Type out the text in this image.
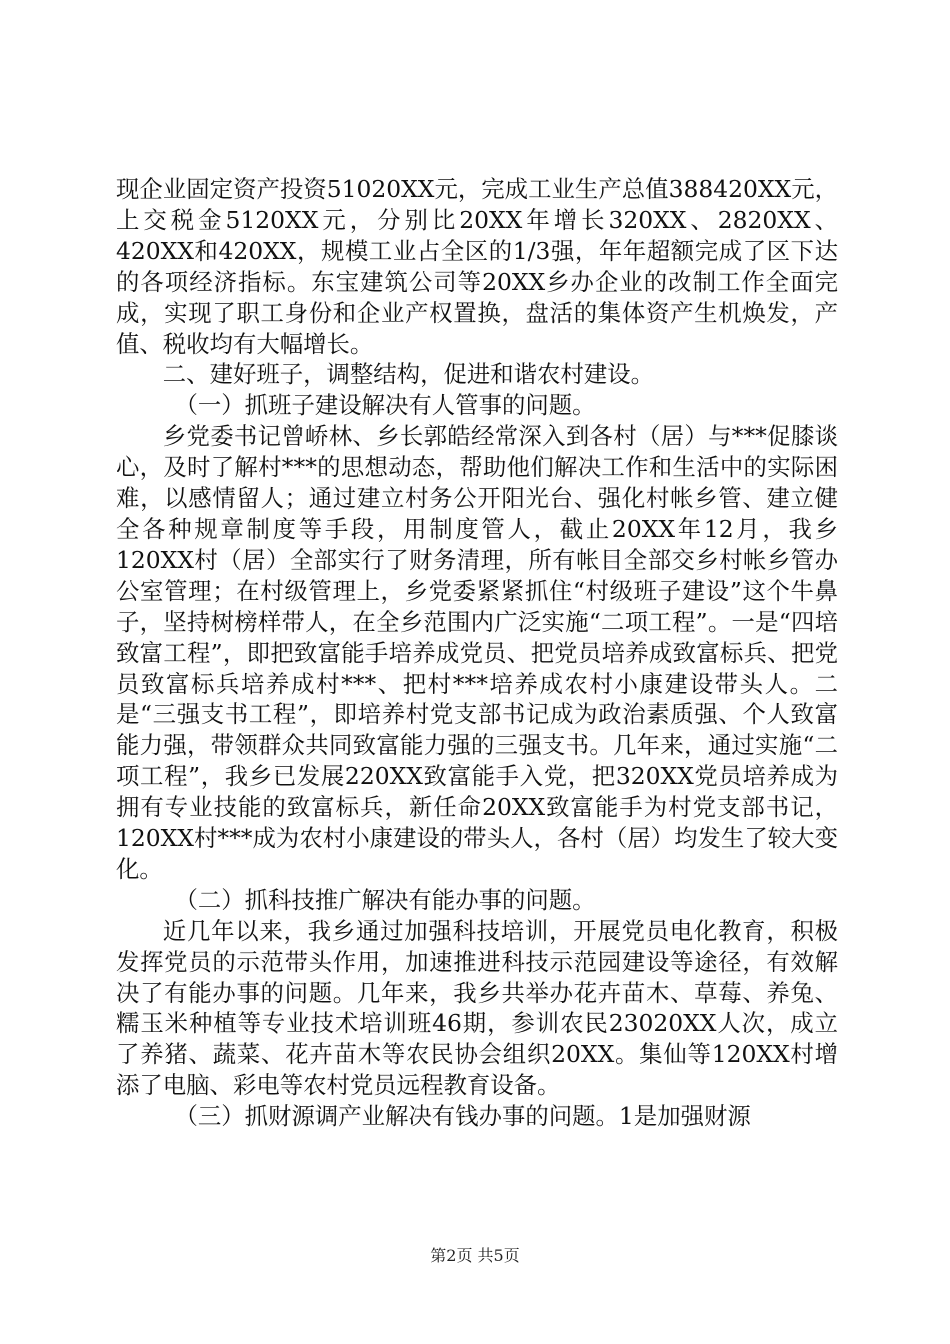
现企业固定资产投资51020XX元，完成工业生产总值388420XX元，上交税金5120XX元，分别比20XX年增长320XX、2820XX、420XX和420XX，规模工业占全区的1/3强，年年超额完成了区下达的各项经济指标。东宝建筑公司等20XX乡办企业的改制工作全面完成，实现了职工身份和企业产权置换，盘活的集体资产生机焕发，产值、税收均有大幅增长。

二、建好班子，调整结构，促进和谐农村建设。

（一）抓班子建设解决有人管事的问题。

乡党委书记曾峤林、乡长郭皓经常深入到各村（居）与***促膝谈心，及时了解村***的思想动态，帮助他们解决工作和生活中的实际困难，以感情留人；通过建立村务公开阳光台、强化村帐乡管、建立健全各种规章制度等手段，用制度管人，截止20XX年12月，我乡120XX村（居）全部实行了财务清理，所有帐目全部交乡村帐乡管办公室管理；在村级管理上，乡党委紧紧抓住“村级班子建设”这个牛鼻子，坚持树榜样带人，在全乡范围内广泛实施“二项工程”。一是“四培致富工程”，即把致富能手培养成党员、把党员培养成致富标兵、把党员致富标兵培养成村***、把村***培养成农村小康建设带头人。二是“三强支书工程”，即培养村党支部书记成为政治素质强、个人致富能力强，带领群众共同致富能力强的三强支书。几年来，通过实施“二项工程”，我乡已发展220XX致富能手入党，把320XX党员培养成为拥有专业技能的致富标兵，新任命20XX致富能手为村党支部书记，120XX村***成为农村小康建设的带头人，各村（居）均发生了较大变化。

（二）抓科技推广解决有能办事的问题。

近几年以来，我乡通过加强科技培训，开展党员电化教育，积极发挥党员的示范带头作用，加速推进科技示范园建设等途径，有效解决了有能办事的问题。几年来，我乡共举办花卉苗木、草莓、养兔、糯玉米种植等专业技术培训班46期，参训农民23020XX人次，成立了养猪、蔬菜、花卉苗木等农民协会组织20XX。集仙等120XX村增添了电脑、彩电等农村党员远程教育设备。

（三）抓财源调产业解决有钱办事的问题。1是加强财源

第2页 共5页
